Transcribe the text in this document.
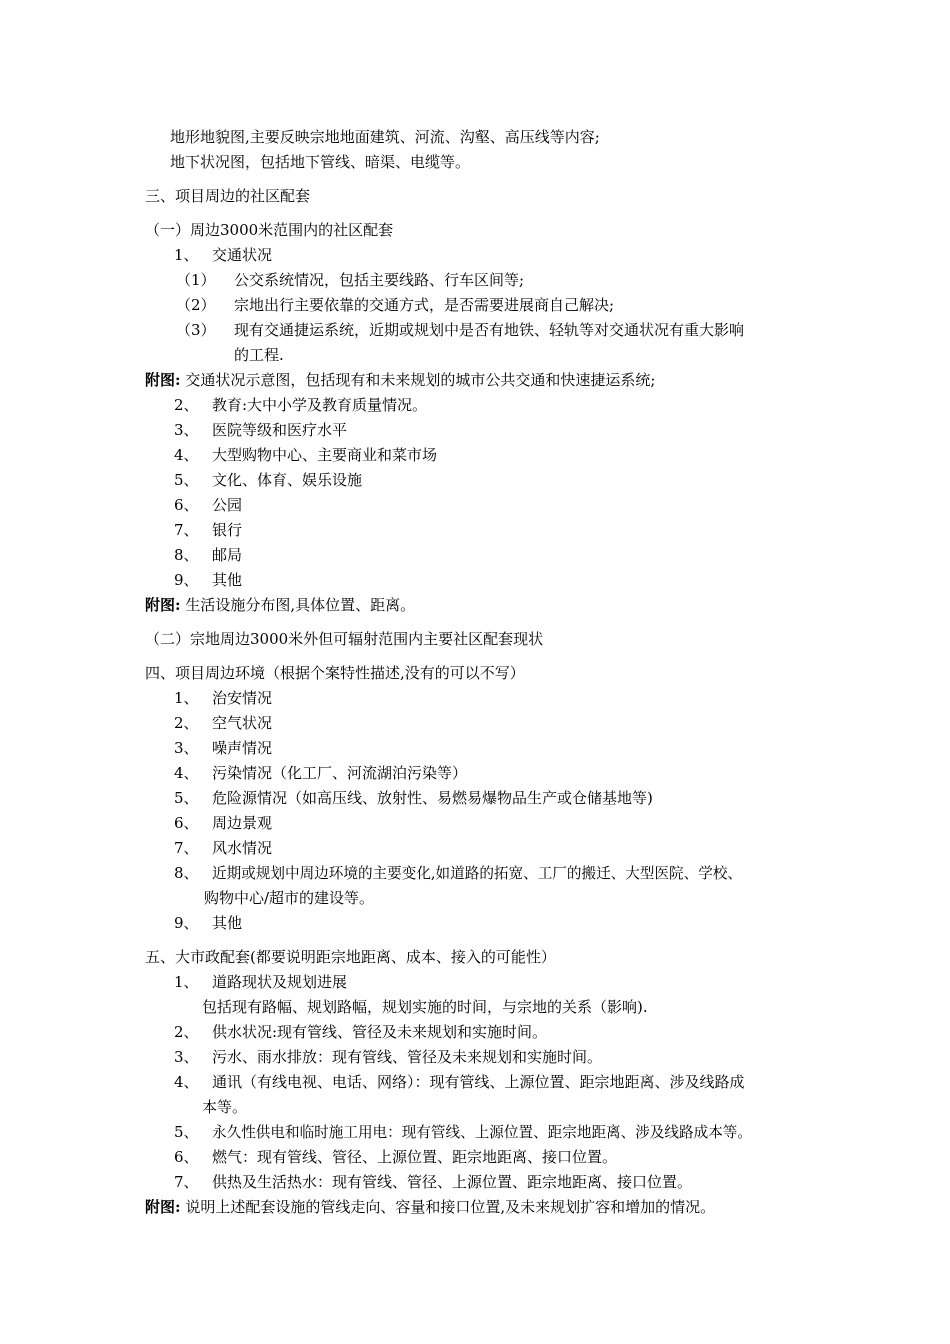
地形地貌图,主要反映宗地地面建筑、河流、沟壑、高压线等内容;
地下状况图，包括地下管线、暗渠、电缆等。
三、项目周边的社区配套
（一）周边3000米范围内的社区配套
1、 交通状况
（1） 公交系统情况，包括主要线路、行车区间等;
（2） 宗地出行主要依靠的交通方式，是否需要进展商自己解决;
（3） 现有交通捷运系统，近期或规划中是否有地铁、轻轨等对交通状况有重大影响
的工程.
附图: 交通状况示意图，包括现有和未来规划的城市公共交通和快速捷运系统;
2、 教育:大中小学及教育质量情况。
3、 医院等级和医疗水平
4、 大型购物中心、主要商业和菜市场
5、 文化、体育、娱乐设施
6、 公园
7、 银行
8、 邮局
9、 其他
附图: 生活设施分布图,具体位置、距离。
（二）宗地周边3000米外但可辐射范围内主要社区配套现状
四、项目周边环境（根据个案特性描述,没有的可以不写）
1、 治安情况
2、 空气状况
3、 噪声情况
4、 污染情况（化工厂、河流湖泊污染等）
5、 危险源情况（如高压线、放射性、易燃易爆物品生产或仓储基地等)
6、 周边景观
7、 风水情况
8、 近期或规划中周边环境的主要变化,如道路的拓宽、工厂的搬迁、大型医院、学校、
购物中心/超市的建设等。
9、 其他
五、大市政配套(都要说明距宗地距离、成本、接入的可能性）
1、 道路现状及规划进展
包括现有路幅、规划路幅，规划实施的时间，与宗地的关系（影响).
2、 供水状况:现有管线、管径及未来规划和实施时间。
3、 污水、雨水排放：现有管线、管径及未来规划和实施时间。
4、 通讯（有线电视、电话、网络）：现有管线、上源位置、距宗地距离、涉及线路成
本等。
5、 永久性供电和临时施工用电：现有管线、上源位置、距宗地距离、涉及线路成本等。
6、 燃气：现有管线、管径、上源位置、距宗地距离、接口位置。
7、 供热及生活热水：现有管线、管径、上源位置、距宗地距离、接口位置。
附图: 说明上述配套设施的管线走向、容量和接口位置,及未来规划扩容和增加的情况。
